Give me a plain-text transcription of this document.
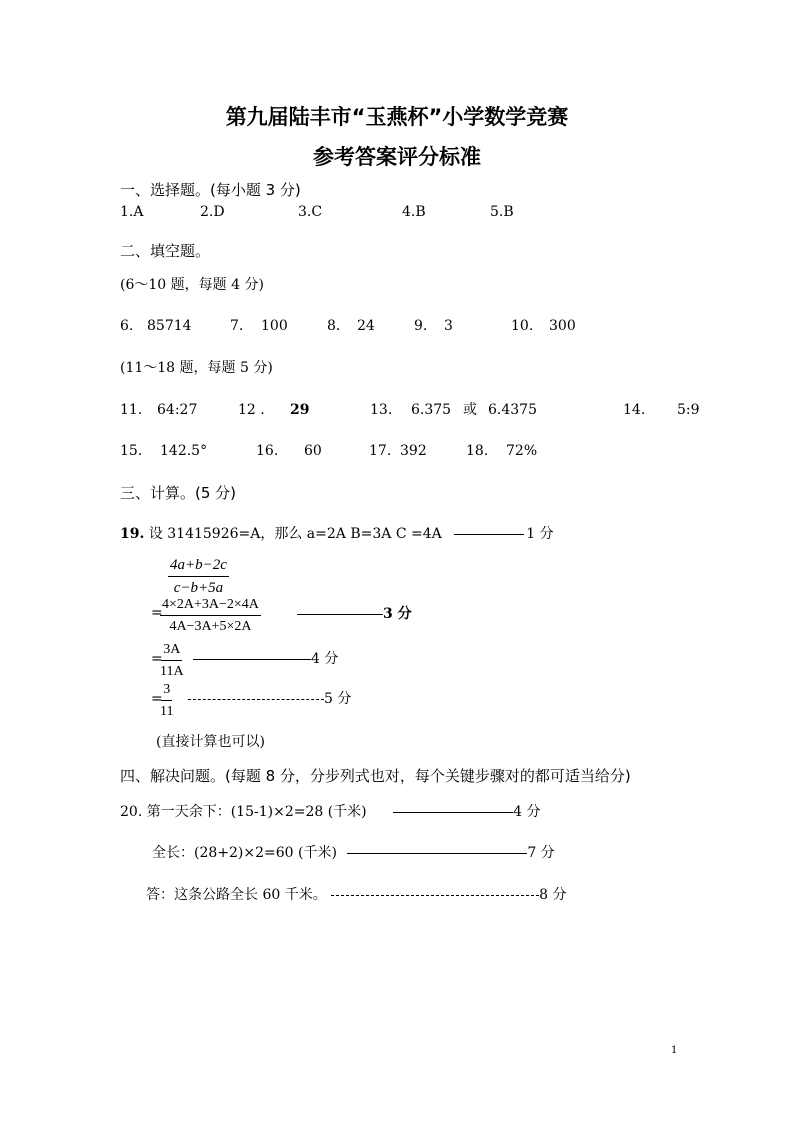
第九届陆丰市“玉燕杯”小学数学竞赛
参考答案评分标准
一、选择题。(每小题 3 分)
1.A	2.D	3.C	4.B	5.B
二、填空题。
(6～10 题，每题 4 分)
6. 85714	7. 100	8. 24	9. 3	10. 300
(11～18 题，每题 5 分)
11. 64:27	12 . 29	13. 6.375 或 6.4375	14. 5:9
15. 142.5°	16. 60	17. 392	18. 72%
三、计算。(5 分)
19. 设 31415926=A，那么 a=2A B=3A C =4A	1 分
$\frac{4a+b-2c}{c-b+5a}$
=
$\frac{4\times 2A+3A-2\times 4A}{4A-3A+5\times 2A}$	3 分
=
$\frac{3A}{11A}$	4 分
=
$\frac{3}{11}$	5 分
(直接计算也可以)
四、解决问题。(每题 8 分，分步列式也对，每个关键步骤对的都可适当给分)
20. 第一天余下：(15-1)×2=28 (千米)	4 分
全长：(28+2)×2=60 (千米)	7 分
答：这条公路全长 60 千米。	8 分
1
